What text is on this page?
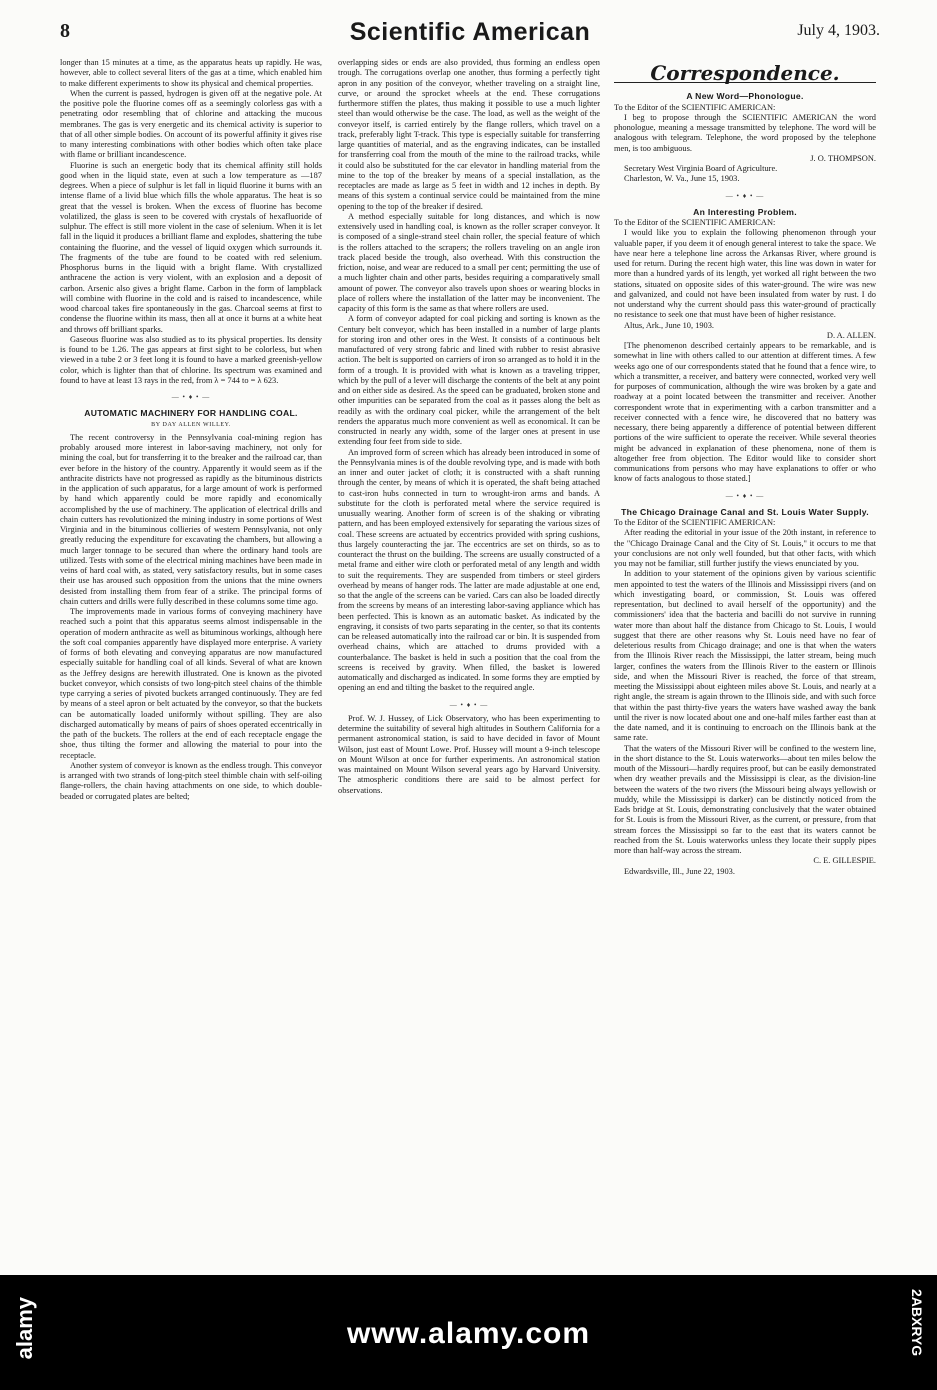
8	Scientific American	July 4, 1903.

longer than 15 minutes at a time, as the apparatus heats up rapidly. He was, however, able to collect several liters of the gas at a time, which enabled him to make different experiments to show its physical and chemical properties.

When the current is passed, hydrogen is given off at the negative pole. At the positive pole the fluorine comes off as a seemingly colorless gas with a penetrating odor resembling that of chlorine and attacking the mucous membranes. The gas is very energetic and its chemical activity is superior to that of all other simple bodies. On account of its powerful affinity it gives rise to many interesting combinations with other bodies which often take place with flame or brilliant incandescence.

Fluorine is such an energetic body that its chemical affinity still holds good when in the liquid state, even at such a low temperature as —187 degrees. When a piece of sulphur is let fall in liquid fluorine it burns with an intense flame of a livid blue which fills the whole apparatus. The heat is so great that the vessel is broken. When the excess of fluorine has become volatilized, the glass is seen to be covered with crystals of hexafluoride of sulphur. The effect is still more violent in the case of selenium. When it is let fall in the liquid it produces a brilliant flame and explodes, shattering the tube containing the fluorine, and the vessel of liquid oxygen which surrounds it. The fragments of the tube are found to be coated with red selenium. Phosphorus burns in the liquid with a bright flame. With crystallized anthracene the action is very violent, with an explosion and a deposit of carbon. Arsenic also gives a bright flame. Carbon in the form of lampblack will combine with fluorine in the cold and is raised to incandescence, while wood charcoal takes fire spontaneously in the gas. Charcoal seems at first to condense the fluorine within its mass, then all at once it burns at a white heat and throws off brilliant sparks.

Gaseous fluorine was also studied as to its physical properties. Its density is found to be 1.26. The gas appears at first sight to be colorless, but when viewed in a tube 2 or 3 feet long it is found to have a marked greenish-yellow color, which is lighter than that of chlorine. Its spectrum was examined and found to have at least 13 rays in the red, from λ = 744 to = λ 623.

— • ♦ • —
AUTOMATIC MACHINERY FOR HANDLING COAL.
BY DAY ALLEN WILLEY.

The recent controversy in the Pennsylvania coal-mining region has probably aroused more interest in labor-saving machinery, not only for mining the coal, but for transferring it to the breaker and the railroad car, than ever before in the history of the country. Apparently it would seem as if the anthracite districts have not progressed as rapidly as the bituminous districts in the application of such apparatus, for a large amount of work is performed by hand which apparently could be more rapidly and economically accomplished by the use of machinery. The application of electrical drills and chain cutters has revolutionized the mining industry in some portions of West Virginia and in the bituminous collieries of western Pennsylvania, not only greatly reducing the expenditure for excavating the chambers, but allowing a much larger tonnage to be secured than where the ordinary hand tools are utilized. Tests with some of the electrical mining machines have been made in veins of hard coal with, as stated, very satisfactory results, but in some cases their use has aroused such opposition from the unions that the mine owners desisted from installing them from fear of a strike. The principal forms of chain cutters and drills were fully described in these columns some time ago.

The improvements made in various forms of conveying machinery have reached such a point that this apparatus seems almost indispensable in the operation of modern anthracite as well as bituminous workings, although here the soft coal companies apparently have displayed more enterprise. A variety of forms of both elevating and conveying apparatus are now manufactured especially suitable for handling coal of all kinds. Several of what are known as the Jeffrey designs are herewith illustrated. One is known as the pivoted bucket conveyor, which consists of two long-pitch steel chains of the thimble type carrying a series of pivoted buckets arranged continuously. They are fed by means of a steel apron or belt actuated by the conveyor, so that the buckets can be automatically loaded uniformly without spilling. They are also discharged automatically by means of pairs of shoes operated eccentrically in the path of the buckets. The rollers at the end of each receptacle engage the shoe, thus tilting the former and allowing the material to pour into the receptacle.

Another system of conveyor is known as the endless trough. This conveyor is arranged with two strands of long-pitch steel thimble chain with self-oiling flange-rollers, the chain having attachments on one side, to which double-beaded or corrugated plates are belted;

overlapping sides or ends are also provided, thus forming an endless open trough. The corrugations overlap one another, thus forming a perfectly tight apron in any position of the conveyor, whether traveling on a straight line, curve, or around the sprocket wheels at the end. These corrugations furthermore stiffen the plates, thus making it possible to use a much lighter steel than would otherwise be the case. The load, as well as the weight of the conveyor itself, is carried entirely by the flange rollers, which travel on a track, preferably light T-track. This type is especially suitable for transferring large quantities of material, and as the engraving indicates, can be installed for transferring coal from the mouth of the mine to the railroad tracks, while it could also be substituted for the car elevator in handling material from the mine to the top of the breaker by means of a special installation, as the receptacles are made as large as 5 feet in width and 12 inches in depth. By means of this system a continual service could be maintained from the mine opening to the top of the breaker if desired.

A method especially suitable for long distances, and which is now extensively used in handling coal, is known as the roller scraper conveyor. It is composed of a single-strand steel chain roller, the special feature of which is the rollers attached to the scrapers; the rollers traveling on an angle iron track placed beside the trough, also overhead. With this construction the friction, noise, and wear are reduced to a small per cent; permitting the use of a much lighter chain and other parts, besides requiring a comparatively small amount of power. The conveyor also travels upon shoes or wearing blocks in place of rollers where the installation of the latter may be inconvenient. The capacity of this form is the same as that where rollers are used.

A form of conveyor adapted for coal picking and sorting is known as the Century belt conveyor, which has been installed in a number of large plants for storing iron and other ores in the West. It consists of a continuous belt manufactured of very strong fabric and lined with rubber to resist abrasive action. The belt is supported on carriers of iron so arranged as to hold it in the form of a trough. It is provided with what is known as a traveling tripper, which by the pull of a lever will discharge the contents of the belt at any point and on either side as desired. As the speed can be graduated, broken stone and other impurities can be separated from the coal as it passes along the belt as readily as with the ordinary coal picker, while the arrangement of the belt renders the apparatus much more convenient as well as economical. It can be constructed in nearly any width, some of the larger ones at present in use extending four feet from side to side.

An improved form of screen which has already been introduced in some of the Pennsylvania mines is of the double revolving type, and is made with both an inner and outer jacket of cloth; it is constructed with a shaft running through the center, by means of which it is operated, the shaft being attached to cast-iron hubs connected in turn to wrought-iron arms and bands. A substitute for the cloth is perforated metal where the service required is unusually wearing. Another form of screen is of the shaking or vibrating pattern, and has been employed extensively for separating the various sizes of coal. These screens are actuated by eccentrics provided with spring cushions, thus largely counteracting the jar. The eccentrics are set on thirds, so as to counteract the thrust on the building. The screens are usually constructed of a metal frame and either wire cloth or perforated metal of any length and width to suit the requirements. They are suspended from timbers or steel girders overhead by means of hanger rods. The latter are made adjustable at one end, so that the angle of the screens can be varied. Cars can also be loaded directly from the screens by means of an interesting labor-saving appliance which has been perfected. This is known as an automatic basket. As indicated by the engraving, it consists of two parts separating in the center, so that its contents can be released automatically into the railroad car or bin. It is suspended from overhead chains, which are attached to drums provided with a counterbalance. The basket is held in such a position that the coal from the screens is received by gravity. When filled, the basket is lowered automatically and discharged as indicated. In some forms they are emptied by opening an end and tilting the basket to the required angle.

— • ♦ • —

Prof. W. J. Hussey, of Lick Observatory, who has been experimenting to determine the suitability of several high altitudes in Southern California for a permanent astronomical station, is said to have decided in favor of Mount Wilson, just east of Mount Lowe. Prof. Hussey will mount a 9-inch telescope on Mount Wilson at once for further experiments. An astronomical station was maintained on Mount Wilson several years ago by Harvard University. The atmospheric conditions there are said to be almost perfect for observations.

Correspondence.
A New Word—Phonologue.

To the Editor of the SCIENTIFIC AMERICAN:

I beg to propose through the SCIENTIFIC AMERICAN the word phonologue, meaning a message transmitted by telephone. The word will be analogous with telegram. Telephone, the word proposed by the telephone men, is too ambiguous.

J. O. THOMPSON.

Secretary West Virginia Board of Agriculture.

Charleston, W. Va., June 15, 1903.

— • ♦ • —
An Interesting Problem.

To the Editor of the SCIENTIFIC AMERICAN:

I would like you to explain the following phenomenon through your valuable paper, if you deem it of enough general interest to take the space. We have near here a telephone line across the Arkansas River, where ground is used for return. During the recent high water, this line was down in water for more than a hundred yards of its length, yet worked all right between the two stations, situated on opposite sides of this water-ground. The wire was new and galvanized, and could not have been insulated from water by rust. I do not understand why the current should pass this water-ground of practically no resistance to seek one that must have been of higher resistance.

Altus, Ark., June 10, 1903.

D. A. ALLEN.

[The phenomenon described certainly appears to be remarkable, and is somewhat in line with others called to our attention at different times. A few weeks ago one of our correspondents stated that he found that a fence wire, to which a transmitter, a receiver, and battery were connected, worked very well for purposes of communication, although the wire was broken by a gate and roadway at a point located between the transmitter and receiver. Another correspondent wrote that in experimenting with a carbon transmitter and a receiver connected with a fence wire, he discovered that no battery was necessary, there being apparently a difference of potential between different portions of the wire sufficient to operate the receiver. While several theories might be advanced in explanation of these phenomena, none of them is altogether free from objection. The Editor would like to consider short communications from persons who may have explanations to offer or who know of facts analogous to those stated.]

— • ♦ • —
The Chicago Drainage Canal and St. Louis Water Supply.

To the Editor of the SCIENTIFIC AMERICAN:

After reading the editorial in your issue of the 20th instant, in reference to the "Chicago Drainage Canal and the City of St. Louis," it occurs to me that your conclusions are not only well founded, but that other facts, with which you may not be familiar, still further justify the views enunciated by you.

In addition to your statement of the opinions given by various scientific men appointed to test the waters of the Illinois and Mississippi rivers (and on which investigating board, or commission, St. Louis was offered representation, but declined to avail herself of the opportunity) and the commissioners' idea that the bacteria and bacilli do not survive in running water more than about half the distance from Chicago to St. Louis, I would suggest that there are other reasons why St. Louis need have no fear of deleterious results from Chicago drainage; and one is that when the waters from the Illinois River reach the Mississippi, the latter stream, being much larger, confines the waters from the Illinois River to the eastern or Illinois side, and when the Missouri River is reached, the force of that stream, meeting the Mississippi about eighteen miles above St. Louis, and nearly at a right angle, the stream is again thrown to the Illinois side, and with such force that within the past thirty-five years the waters have washed away the bank until the river is now located about one and one-half miles farther east than at the date named, and it is continuing to encroach on the Illinois bank at the same rate.

That the waters of the Missouri River will be confined to the western line, in the short distance to the St. Louis waterworks—about ten miles below the mouth of the Missouri—hardly requires proof, but can be easily demonstrated when dry weather prevails and the Mississippi is clear, as the division-line between the waters of the two rivers (the Missouri being always yellowish or muddy, while the Mississippi is darker) can be distinctly noticed from the Eads bridge at St. Louis, demonstrating conclusively that the water obtained for St. Louis is from the Missouri River, as the current, or pressure, from that stream forces the Mississippi so far to the east that its waters cannot be reached from the St. Louis waterworks unless they locate their supply pipes more than half-way across the stream.

C. E. GILLESPIE.

Edwardsville, Ill., June 22, 1903.

alamy	www.alamy.com	2ABXRYG
